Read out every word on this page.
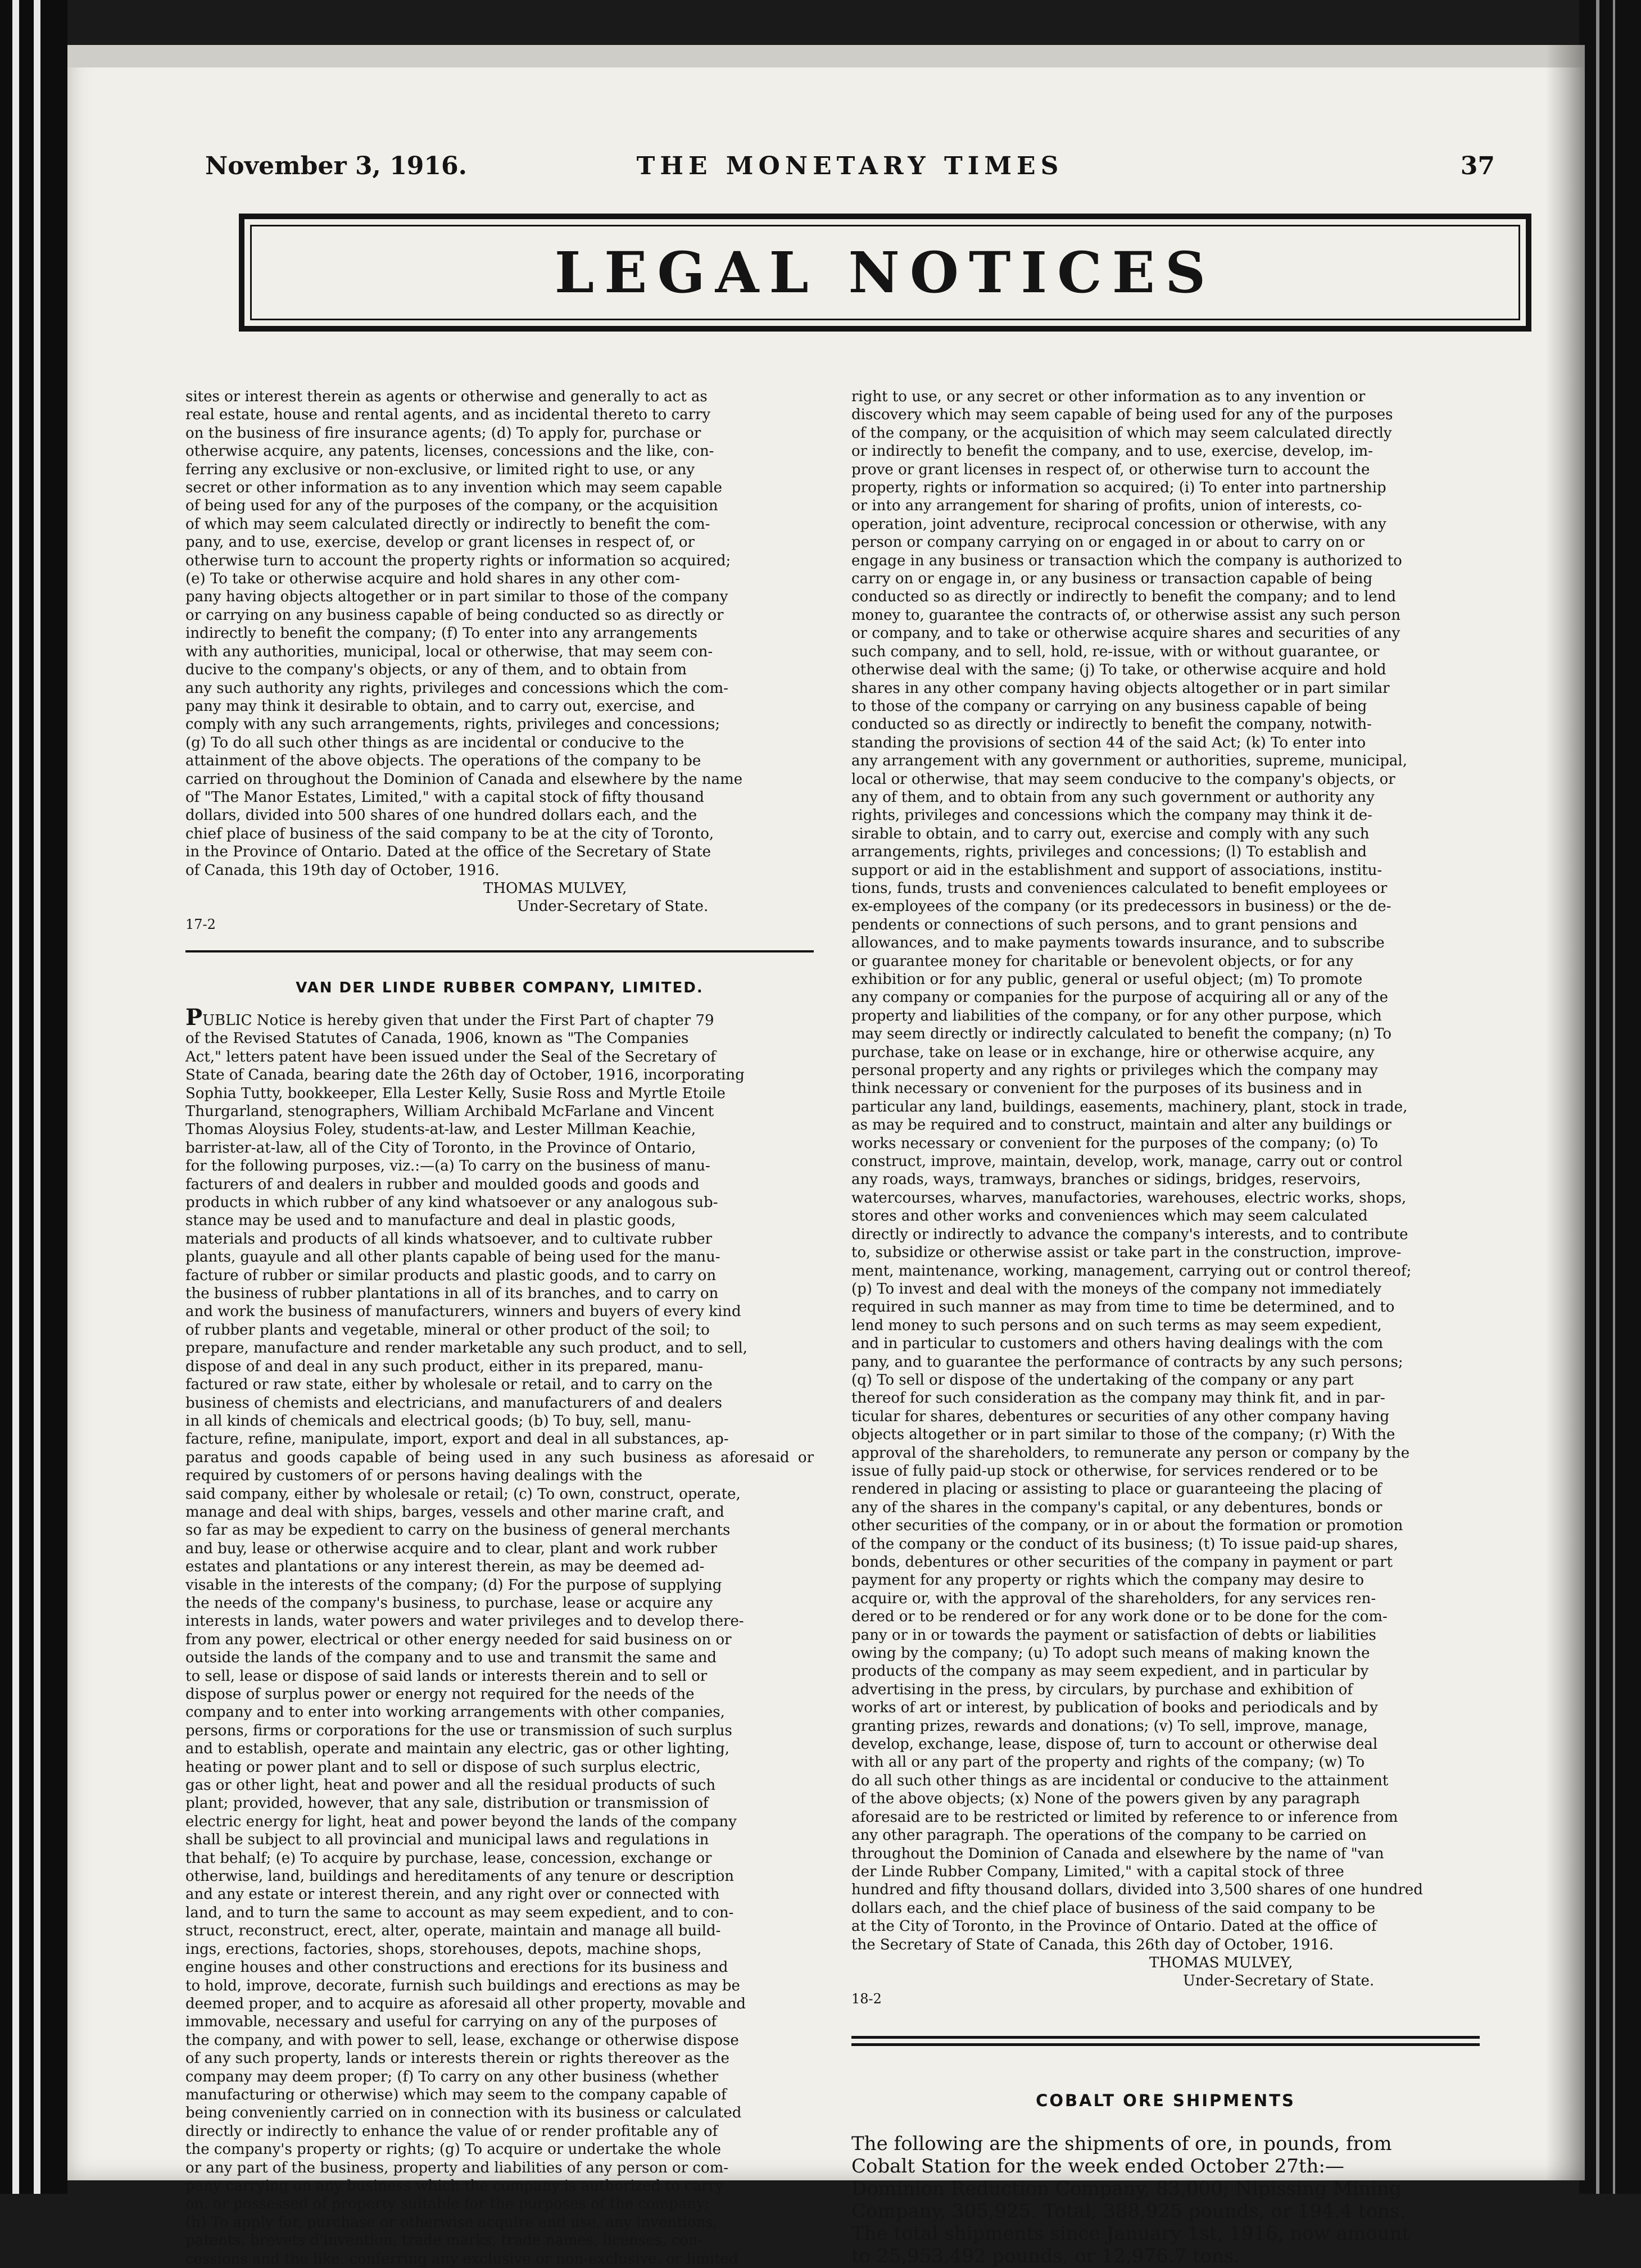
November 3, 1916.	THE MONETARY TIMES	37
LEGAL NOTICES

sites or interest therein as agents or otherwise and generally to act as
real estate, house and rental agents, and as incidental thereto to carry
on the business of fire insurance agents; (d) To apply for, purchase or
otherwise acquire, any patents, licenses, concessions and the like, con-
ferring any exclusive or non-exclusive, or limited right to use, or any
secret or other information as to any invention which may seem capable
of being used for any of the purposes of the company, or the acquisition
of which may seem calculated directly or indirectly to benefit the com-
pany, and to use, exercise, develop or grant licenses in respect of, or
otherwise turn to account the property rights or information so acquired;
(e) To take or otherwise acquire and hold shares in any other com-
pany having objects altogether or in part similar to those of the company
or carrying on any business capable of being conducted so as directly or
indirectly to benefit the company; (f) To enter into any arrangements
with any authorities, municipal, local or otherwise, that may seem con-
ducive to the company's objects, or any of them, and to obtain from
any such authority any rights, privileges and concessions which the com-
pany may think it desirable to obtain, and to carry out, exercise, and
comply with any such arrangements, rights, privileges and concessions;
(g) To do all such other things as are incidental or conducive to the
attainment of the above objects. The operations of the company to be
carried on throughout the Dominion of Canada and elsewhere by the name
of "The Manor Estates, Limited," with a capital stock of fifty thousand
dollars, divided into 500 shares of one hundred dollars each, and the
chief place of business of the said company to be at the city of Toronto,
in the Province of Ontario. Dated at the office of the Secretary of State
of Canada, this 19th day of October, 1916.

THOMAS MULVEY,
Under-Secretary of State.
17-2
VAN DER LINDE RUBBER COMPANY, LIMITED.

PUBLIC Notice is hereby given that under the First Part of chapter 79
of the Revised Statutes of Canada, 1906, known as "The Companies
Act," letters patent have been issued under the Seal of the Secretary of
State of Canada, bearing date the 26th day of October, 1916, incorporating
Sophia Tutty, bookkeeper, Ella Lester Kelly, Susie Ross and Myrtle Etoile
Thurgarland, stenographers, William Archibald McFarlane and Vincent
Thomas Aloysius Foley, students-at-law, and Lester Millman Keachie,
barrister-at-law, all of the City of Toronto, in the Province of Ontario,
for the following purposes, viz.:—(a) To carry on the business of manu-
facturers of and dealers in rubber and moulded goods and goods and
products in which rubber of any kind whatsoever or any analogous sub-
stance may be used and to manufacture and deal in plastic goods,
materials and products of all kinds whatsoever, and to cultivate rubber
plants, guayule and all other plants capable of being used for the manu-
facture of rubber or similar products and plastic goods, and to carry on
the business of rubber plantations in all of its branches, and to carry on
and work the business of manufacturers, winners and buyers of every kind
of rubber plants and vegetable, mineral or other product of the soil; to
prepare, manufacture and render marketable any such product, and to sell,
dispose of and deal in any such product, either in its prepared, manu-
factured or raw state, either by wholesale or retail, and to carry on the
business of chemists and electricians, and manufacturers of and dealers
in all kinds of chemicals and electrical goods; (b) To buy, sell, manu-
facture, refine, manipulate, import, export and deal in all substances, ap-
paratus and goods capable of being used in any such business as aforesaid or required by customers of or persons having dealings with the
said company, either by wholesale or retail; (c) To own, construct, operate,
manage and deal with ships, barges, vessels and other marine craft, and
so far as may be expedient to carry on the business of general merchants
and buy, lease or otherwise acquire and to clear, plant and work rubber
estates and plantations or any interest therein, as may be deemed ad-
visable in the interests of the company; (d) For the purpose of supplying
the needs of the company's business, to purchase, lease or acquire any
interests in lands, water powers and water privileges and to develop there-
from any power, electrical or other energy needed for said business on or
outside the lands of the company and to use and transmit the same and
to sell, lease or dispose of said lands or interests therein and to sell or
dispose of surplus power or energy not required for the needs of the
company and to enter into working arrangements with other companies,
persons, firms or corporations for the use or transmission of such surplus
and to establish, operate and maintain any electric, gas or other lighting,
heating or power plant and to sell or dispose of such surplus electric,
gas or other light, heat and power and all the residual products of such
plant; provided, however, that any sale, distribution or transmission of
electric energy for light, heat and power beyond the lands of the company
shall be subject to all provincial and municipal laws and regulations in
that behalf; (e) To acquire by purchase, lease, concession, exchange or
otherwise, land, buildings and hereditaments of any tenure or description
and any estate or interest therein, and any right over or connected with
land, and to turn the same to account as may seem expedient, and to con-
struct, reconstruct, erect, alter, operate, maintain and manage all build-
ings, erections, factories, shops, storehouses, depots, machine shops,
engine houses and other constructions and erections for its business and
to hold, improve, decorate, furnish such buildings and erections as may be
deemed proper, and to acquire as aforesaid all other property, movable and
immovable, necessary and useful for carrying on any of the purposes of
the company, and with power to sell, lease, exchange or otherwise dispose
of any such property, lands or interests therein or rights thereover as the
company may deem proper; (f) To carry on any other business (whether
manufacturing or otherwise) which may seem to the company capable of
being conveniently carried on in connection with its business or calculated
directly or indirectly to enhance the value of or render profitable any of
the company's property or rights; (g) To acquire or undertake the whole
or any part of the business, property and liabilities of any person or com-
pany carrying on any business which the company is authorized to carry
on, or possessed of property suitable for the purposes of the company;
(h) To apply for, purchase or otherwise acquire and use, any inventions,
patents, brevets d'invention, trade marks, trade names, licenses, con-
cessions and the like, conferring any exclusive or non-exclusive, or limited

right to use, or any secret or other information as to any invention or
discovery which may seem capable of being used for any of the purposes
of the company, or the acquisition of which may seem calculated directly
or indirectly to benefit the company, and to use, exercise, develop, im-
prove or grant licenses in respect of, or otherwise turn to account the
property, rights or information so acquired; (i) To enter into partnership
or into any arrangement for sharing of profits, union of interests, co-
operation, joint adventure, reciprocal concession or otherwise, with any
person or company carrying on or engaged in or about to carry on or
engage in any business or transaction which the company is authorized to
carry on or engage in, or any business or transaction capable of being
conducted so as directly or indirectly to benefit the company; and to lend
money to, guarantee the contracts of, or otherwise assist any such person
or company, and to take or otherwise acquire shares and securities of any
such company, and to sell, hold, re-issue, with or without guarantee, or
otherwise deal with the same; (j) To take, or otherwise acquire and hold
shares in any other company having objects altogether or in part similar
to those of the company or carrying on any business capable of being
conducted so as directly or indirectly to benefit the company, notwith-
standing the provisions of section 44 of the said Act; (k) To enter into
any arrangement with any government or authorities, supreme, municipal,
local or otherwise, that may seem conducive to the company's objects, or
any of them, and to obtain from any such government or authority any
rights, privileges and concessions which the company may think it de-
sirable to obtain, and to carry out, exercise and comply with any such
arrangements, rights, privileges and concessions; (l) To establish and
support or aid in the establishment and support of associations, institu-
tions, funds, trusts and conveniences calculated to benefit employees or
ex-employees of the company (or its predecessors in business) or the de-
pendents or connections of such persons, and to grant pensions and
allowances, and to make payments towards insurance, and to subscribe
or guarantee money for charitable or benevolent objects, or for any
exhibition or for any public, general or useful object; (m) To promote
any company or companies for the purpose of acquiring all or any of the
property and liabilities of the company, or for any other purpose, which
may seem directly or indirectly calculated to benefit the company; (n) To
purchase, take on lease or in exchange, hire or otherwise acquire, any
personal property and any rights or privileges which the company may
think necessary or convenient for the purposes of its business and in
particular any land, buildings, easements, machinery, plant, stock in trade,
as may be required and to construct, maintain and alter any buildings or
works necessary or convenient for the purposes of the company; (o) To
construct, improve, maintain, develop, work, manage, carry out or control
any roads, ways, tramways, branches or sidings, bridges, reservoirs,
watercourses, wharves, manufactories, warehouses, electric works, shops,
stores and other works and conveniences which may seem calculated
directly or indirectly to advance the company's interests, and to contribute
to, subsidize or otherwise assist or take part in the construction, improve-
ment, maintenance, working, management, carrying out or control thereof;
(p) To invest and deal with the moneys of the company not immediately
required in such manner as may from time to time be determined, and to
lend money to such persons and on such terms as may seem expedient,
and in particular to customers and others having dealings with the com
pany, and to guarantee the performance of contracts by any such persons;
(q) To sell or dispose of the undertaking of the company or any part
thereof for such consideration as the company may think fit, and in par-
ticular for shares, debentures or securities of any other company having
objects altogether or in part similar to those of the company; (r) With the
approval of the shareholders, to remunerate any person or company by the
issue of fully paid-up stock or otherwise, for services rendered or to be
rendered in placing or assisting to place or guaranteeing the placing of
any of the shares in the company's capital, or any debentures, bonds or
other securities of the company, or in or about the formation or promotion
of the company or the conduct of its business; (t) To issue paid-up shares,
bonds, debentures or other securities of the company in payment or part
payment for any property or rights which the company may desire to
acquire or, with the approval of the shareholders, for any services ren-
dered or to be rendered or for any work done or to be done for the com-
pany or in or towards the payment or satisfaction of debts or liabilities
owing by the company; (u) To adopt such means of making known the
products of the company as may seem expedient, and in particular by
advertising in the press, by circulars, by purchase and exhibition of
works of art or interest, by publication of books and periodicals and by
granting prizes, rewards and donations; (v) To sell, improve, manage,
develop, exchange, lease, dispose of, turn to account or otherwise deal
with all or any part of the property and rights of the company; (w) To
do all such other things as are incidental or conducive to the attainment
of the above objects; (x) None of the powers given by any paragraph
aforesaid are to be restricted or limited by reference to or inference from
any other paragraph. The operations of the company to be carried on
throughout the Dominion of Canada and elsewhere by the name of "van
der Linde Rubber Company, Limited," with a capital stock of three
hundred and fifty thousand dollars, divided into 3,500 shares of one hundred
dollars each, and the chief place of business of the said company to be
at the City of Toronto, in the Province of Ontario. Dated at the office of
the Secretary of State of Canada, this 26th day of October, 1916.

THOMAS MULVEY,
Under-Secretary of State.
18-2
COBALT ORE SHIPMENTS

The following are the shipments of ore, in pounds, from
Cobalt Station for the week ended October 27th:—
Dominion Reduction Company, 83,000; Nipissing Mining
Company, 305,925. Total, 388,925 pounds, or 194.4 tons.
The total shipments since January 1st, 1916, now amount
to 25,953,492 pounds, or 12,976.7 tons.
